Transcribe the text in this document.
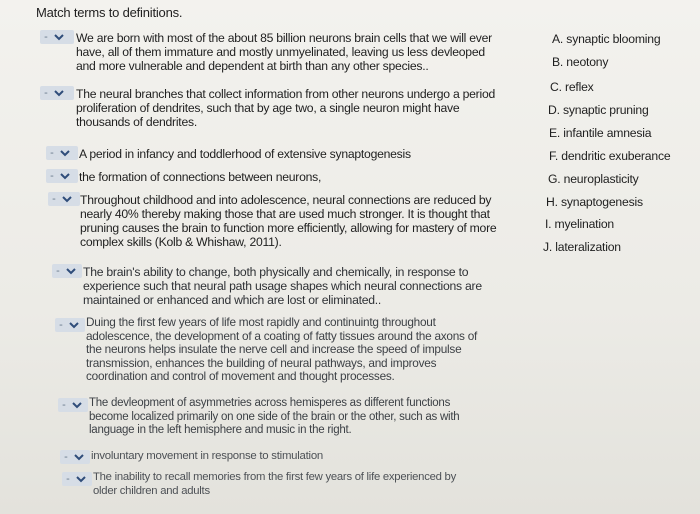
Match terms to definitions.
-	We are born with most of the about 85 billion neurons brain cells that we will ever
have, all of them immature and mostly unmyelinated, leaving us less devleoped
and more vulnerable and dependent at birth than any other species..
-	The neural branches that collect information from other neurons undergo a period
proliferation of dendrites, such that by age two, a single neuron might have
thousands of dendrites.
-	A period in infancy and toddlerhood of extensive synaptogenesis
-	the formation of connections between neurons,
-	Throughout childhood and into adolescence, neural connections are reduced by
nearly 40% thereby making those that are used much stronger. It is thought that
pruning causes the brain to function more efficiently, allowing for mastery of more
complex skills (Kolb & Whishaw, 2011).
-	The brain's ability to change, both physically and chemically, in response to
experience such that neural path usage shapes which neural connections are
maintained or enhanced and which are lost or eliminated..
-	Duing the first few years of life most rapidly and continuintg throughout
adolescence, the development of a coating of fatty tissues around the axons of
the neurons helps insulate the nerve cell and increase the speed of impulse
transmission, enhances the building of neural pathways, and improves
coordination and control of movement and thought processes.
-	The devleopment of asymmetries across hemisperes as different functions
become localized primarily on one side of the brain or the other, such as with
language in the left hemisphere and music in the right.
-	involuntary movement in response to stimulation
-	The inability to recall memories from the first few years of life experienced by
older children and adults
A. synaptic blooming
B. neotony
C. reflex
D. synaptic pruning
E. infantile amnesia
F. dendritic exuberance
G. neuroplasticity
H. synaptogenesis
I. myelination
J. lateralization
